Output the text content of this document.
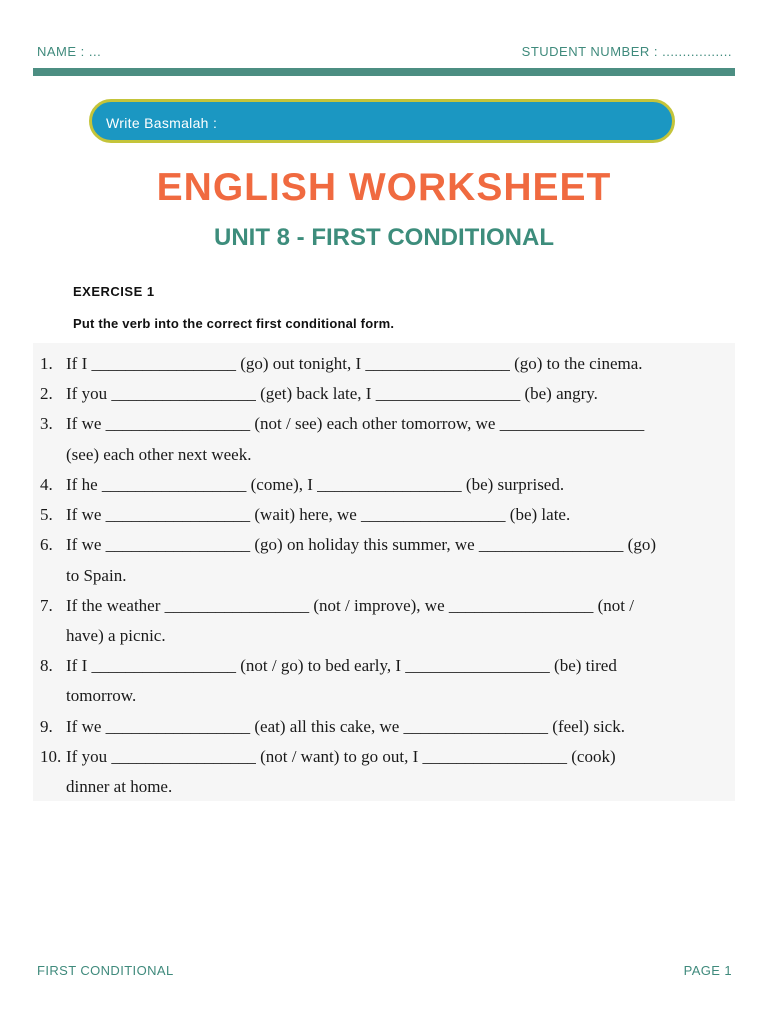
NAME : ...	STUDENT NUMBER : .................
Write Basmalah :
ENGLISH WORKSHEET
UNIT 8 - FIRST CONDITIONAL
EXERCISE 1
Put the verb into the correct first conditional form.
1. If I _________________ (go) out tonight, I _________________ (go) to the cinema.
2. If you _________________ (get) back late, I _________________ (be) angry.
3. If we _________________ (not / see) each other tomorrow, we _________________
(see) each other next week.
4. If he _________________ (come), I _________________ (be) surprised.
5. If we _________________ (wait) here, we _________________ (be) late.
6. If we _________________ (go) on holiday this summer, we _________________ (go)
to Spain.
7. If the weather _________________ (not / improve), we _________________ (not /
have) a picnic.
8. If I _________________ (not / go) to bed early, I _________________ (be) tired
tomorrow.
9. If we _________________ (eat) all this cake, we _________________ (feel) sick.
10. If you _________________ (not / want) to go out, I _________________ (cook)
dinner at home.
FIRST CONDITIONAL	PAGE 1
